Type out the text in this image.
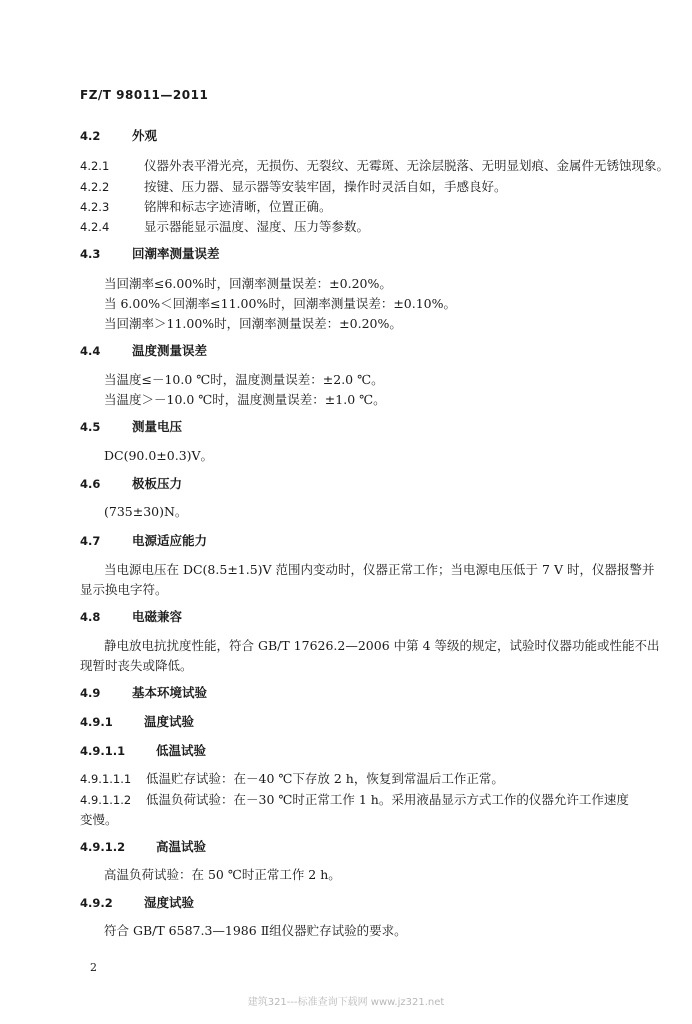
FZ/T 98011—2011
4.2	外观
4.2.1	仪器外表平滑光亮，无损伤、无裂纹、无霉斑、无涂层脱落、无明显划痕、金属件无锈蚀现象。
4.2.2	按键、压力器、显示器等安装牢固，操作时灵活自如，手感良好。
4.2.3	铭牌和标志字迹清晰，位置正确。
4.2.4	显示器能显示温度、湿度、压力等参数。
4.3	回潮率测量误差
当回潮率≤6.00%时，回潮率测量误差：±0.20%。
当 6.00%＜回潮率≤11.00%时，回潮率测量误差：±0.10%。
当回潮率＞11.00%时，回潮率测量误差：±0.20%。
4.4	温度测量误差
当温度≤－10.0 ℃时，温度测量误差：±2.0 ℃。
当温度＞－10.0 ℃时，温度测量误差：±1.0 ℃。
4.5	测量电压
DC(90.0±0.3)V。
4.6	极板压力
(735±30)N。
4.7	电源适应能力
当电源电压在 DC(8.5±1.5)V 范围内变动时，仪器正常工作；当电源电压低于 7 V 时，仪器报警并
显示换电字符。
4.8	电磁兼容
静电放电抗扰度性能，符合 GB/T 17626.2—2006 中第 4 等级的规定，试验时仪器功能或性能不出
现暂时丧失或降低。
4.9	基本环境试验
4.9.1	温度试验
4.9.1.1 低温试验
4.9.1.1.1 低温贮存试验：在－40 ℃下存放 2 h，恢复到常温后工作正常。
4.9.1.1.2 低温负荷试验：在－30 ℃时正常工作 1 h。采用液晶显示方式工作的仪器允许工作速度
变慢。
4.9.1.2 高温试验
高温负荷试验：在 50 ℃时正常工作 2 h。
4.9.2	湿度试验
符合 GB/T 6587.3—1986 Ⅱ组仪器贮存试验的要求。
2
建筑321---标准查询下载网 www.jz321.net
